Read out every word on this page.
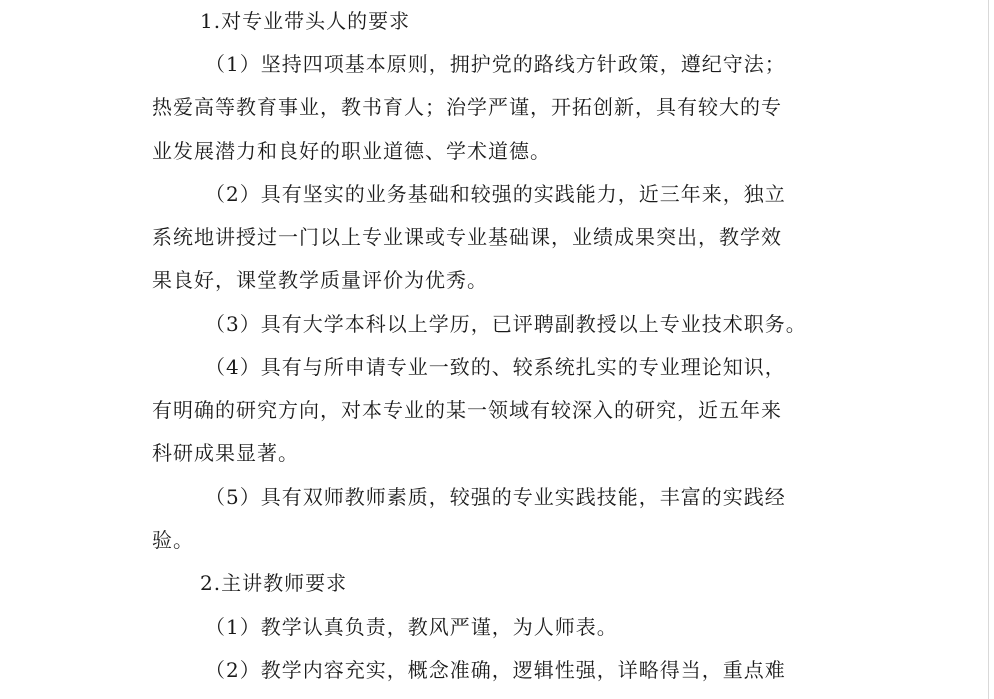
1.对专业带头人的要求
（1）坚持四项基本原则，拥护党的路线方针政策，遵纪守法；
热爱高等教育事业，教书育人；治学严谨，开拓创新，具有较大的专
业发展潜力和良好的职业道德、学术道德。
（2）具有坚实的业务基础和较强的实践能力，近三年来，独立
系统地讲授过一门以上专业课或专业基础课，业绩成果突出，教学效
果良好，课堂教学质量评价为优秀。
（3）具有大学本科以上学历，已评聘副教授以上专业技术职务。
（4）具有与所申请专业一致的、较系统扎实的专业理论知识，
有明确的研究方向，对本专业的某一领域有较深入的研究，近五年来
科研成果显著。
（5）具有双师教师素质，较强的专业实践技能，丰富的实践经
验。
2.主讲教师要求
（1）教学认真负责，教风严谨，为人师表。
（2）教学内容充实，概念准确，逻辑性强，详略得当，重点难
